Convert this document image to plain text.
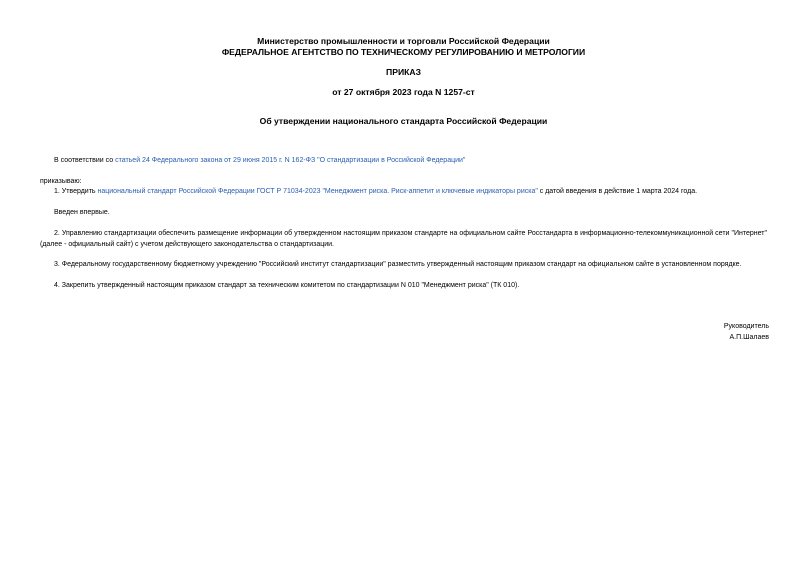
Министерство промышленности и торговли Российской Федерации
ФЕДЕРАЛЬНОЕ АГЕНТСТВО ПО ТЕХНИЧЕСКОМУ РЕГУЛИРОВАНИЮ И МЕТРОЛОГИИ
ПРИКАЗ
от 27 октября 2023 года N 1257-ст
Об утверждении национального стандарта Российской Федерации
В соответствии со статьей 24 Федерального закона от 29 июня 2015 г. N 162-ФЗ "О стандартизации в Российской Федерации"
приказываю:
1. Утвердить национальный стандарт Российской Федерации ГОСТ Р 71034-2023 "Менеджмент риска. Риск-аппетит и ключевые индикаторы риска" с датой введения в действие 1 марта 2024 года.
Введен впервые.
2. Управлению стандартизации обеспечить размещение информации об утвержденном настоящим приказом стандарте на официальном сайте Росстандарта в информационно-телекоммуникационной сети "Интернет" (далее - официальный сайт) с учетом действующего законодательства о стандартизации.
3. Федеральному государственному бюджетному учреждению "Российский институт стандартизации" разместить утвержденный настоящим приказом стандарт на официальном сайте в установленном порядке.
4. Закрепить утвержденный настоящим приказом стандарт за техническим комитетом по стандартизации N 010 "Менеджмент риска" (ТК 010).
Руководитель
А.П.Шалаев
